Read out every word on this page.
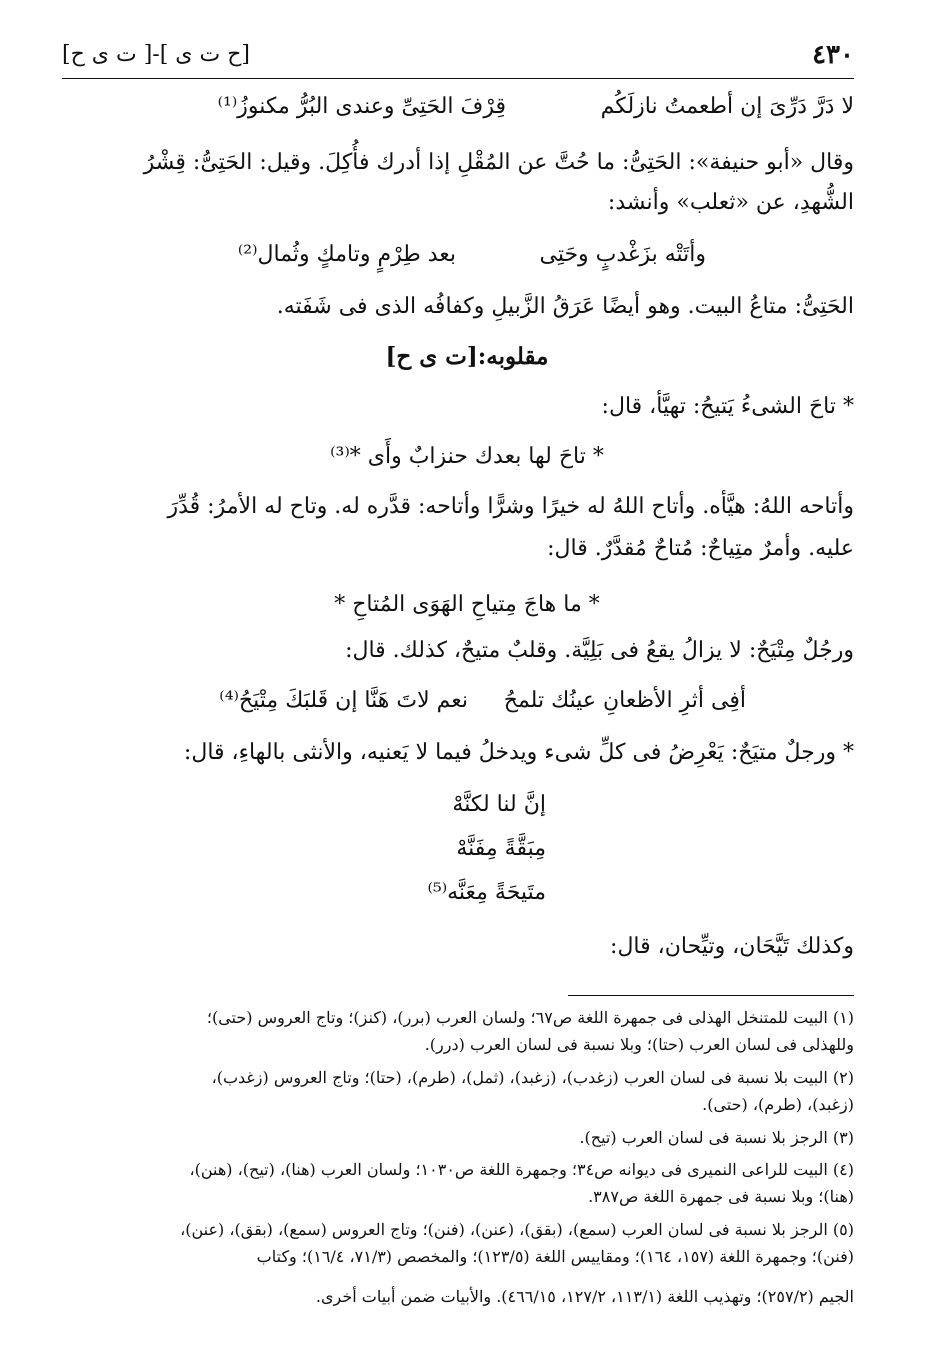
٤٣٠
[ح ت ى ]-[ ت ى ح]
لا دَرَّ دَرِّىَ إن أطعمتُ نازلَكُم
قِرْفَ الحَتِىِّ وعندى البُرُّ مكنوزُ⁽¹⁾
وقال «أبو حنيفة»: الحَتِىُّ: ما حُتَّ عن المُقْلِ إذا أدرك فأُكِلَ. وقيل: الحَتِىُّ: قِشْرُ
الشُّهدِ، عن «ثعلب» وأنشد:
وأتَتْه بزَغْدبٍ وحَتِى
بعد طِرْمٍ وتامكٍ وثُمال⁽²⁾
الحَتِىُّ: متاعُ البيت. وهو أيضًا عَرَقُ الزَّبيلِ وكفافُه الذى فى شَفَته.
مقلوبه:[ت ى ح]
* تاحَ الشىءُ يَتيحُ: تهيَّأ، قال:
* تاحَ لها بعدك حنزابٌ وأَى *⁽³⁾
وأتاحه اللهُ: هيَّأه. وأتاح اللهُ له خيرًا وشرًّا وأتاحه: قدَّره له. وتاح له الأمرُ: قُدِّرَ
عليه. وأمرٌ متِياحٌ: مُتاحٌ مُقدَّرٌ. قال:
* ما هاجَ مِتياحِ الهَوَى المُتاحِ *
ورجُلٌ مِتْيَحٌ: لا يزالُ يقعُ فى بَلِيَّة. وقلبٌ متيحٌ، كذلك. قال:
أفِى أثرِ الأظعانِ عينُك تلمحُ
نعم لاتَ هَنَّا إن قَلبَكَ مِتْيَحُ⁽⁴⁾
* ورجلٌ متيَحٌ: يَعْرِضُ فى كلِّ شىء ويدخلُ فيما لا يَعنيه، والأنثى بالهاءِ، قال:
إنَّ لنا لكنَّهْ
مِبَقَّةً مِفَنَّهْ
متَيحَةً مِعَنَّه⁽⁵⁾
وكذلك تَيَّحَان، وتيِّحان، قال:
(١) البيت للمتنخل الهذلى فى جمهرة اللغة ص٦٧؛ ولسان العرب (برر)، (كنز)؛ وتاج العروس (حتى)؛
وللهذلى فى لسان العرب (حتا)؛ وبلا نسبة فى لسان العرب (درر).
(٢) البيت بلا نسبة فى لسان العرب (زغدب)، (زغبد)، (ثمل)، (طرم)، (حتا)؛ وتاج العروس (زغدب)،
(زغبد)، (طرم)، (حتى).
(٣) الرجز بلا نسبة فى لسان العرب (تيح).
(٤) البيت للراعى النميرى فى ديوانه ص٣٤؛ وجمهرة اللغة ص١٠٣٠؛ ولسان العرب (هنا)، (تيح)، (هنن)،
(هنا)؛ وبلا نسبة فى جمهرة اللغة ص٣٨٧.
(٥) الرجز بلا نسبة فى لسان العرب (سمع)، (بقق)، (عنن)، (فنن)؛ وتاج العروس (سمع)، (بقق)، (عنن)،
(فنن)؛ وجمهرة اللغة (١٥٧، ١٦٤)؛ ومقاييس اللغة (١٢٣/٥)؛ والمخصص (٧١/٣، ١٦/٤)؛ وكتاب
الجيم (٢٥٧/٢)؛ وتهذيب اللغة (١١٣/١، ١٢٧/٢، ٤٦٦/١٥). والأبيات ضمن أبيات أخرى.
